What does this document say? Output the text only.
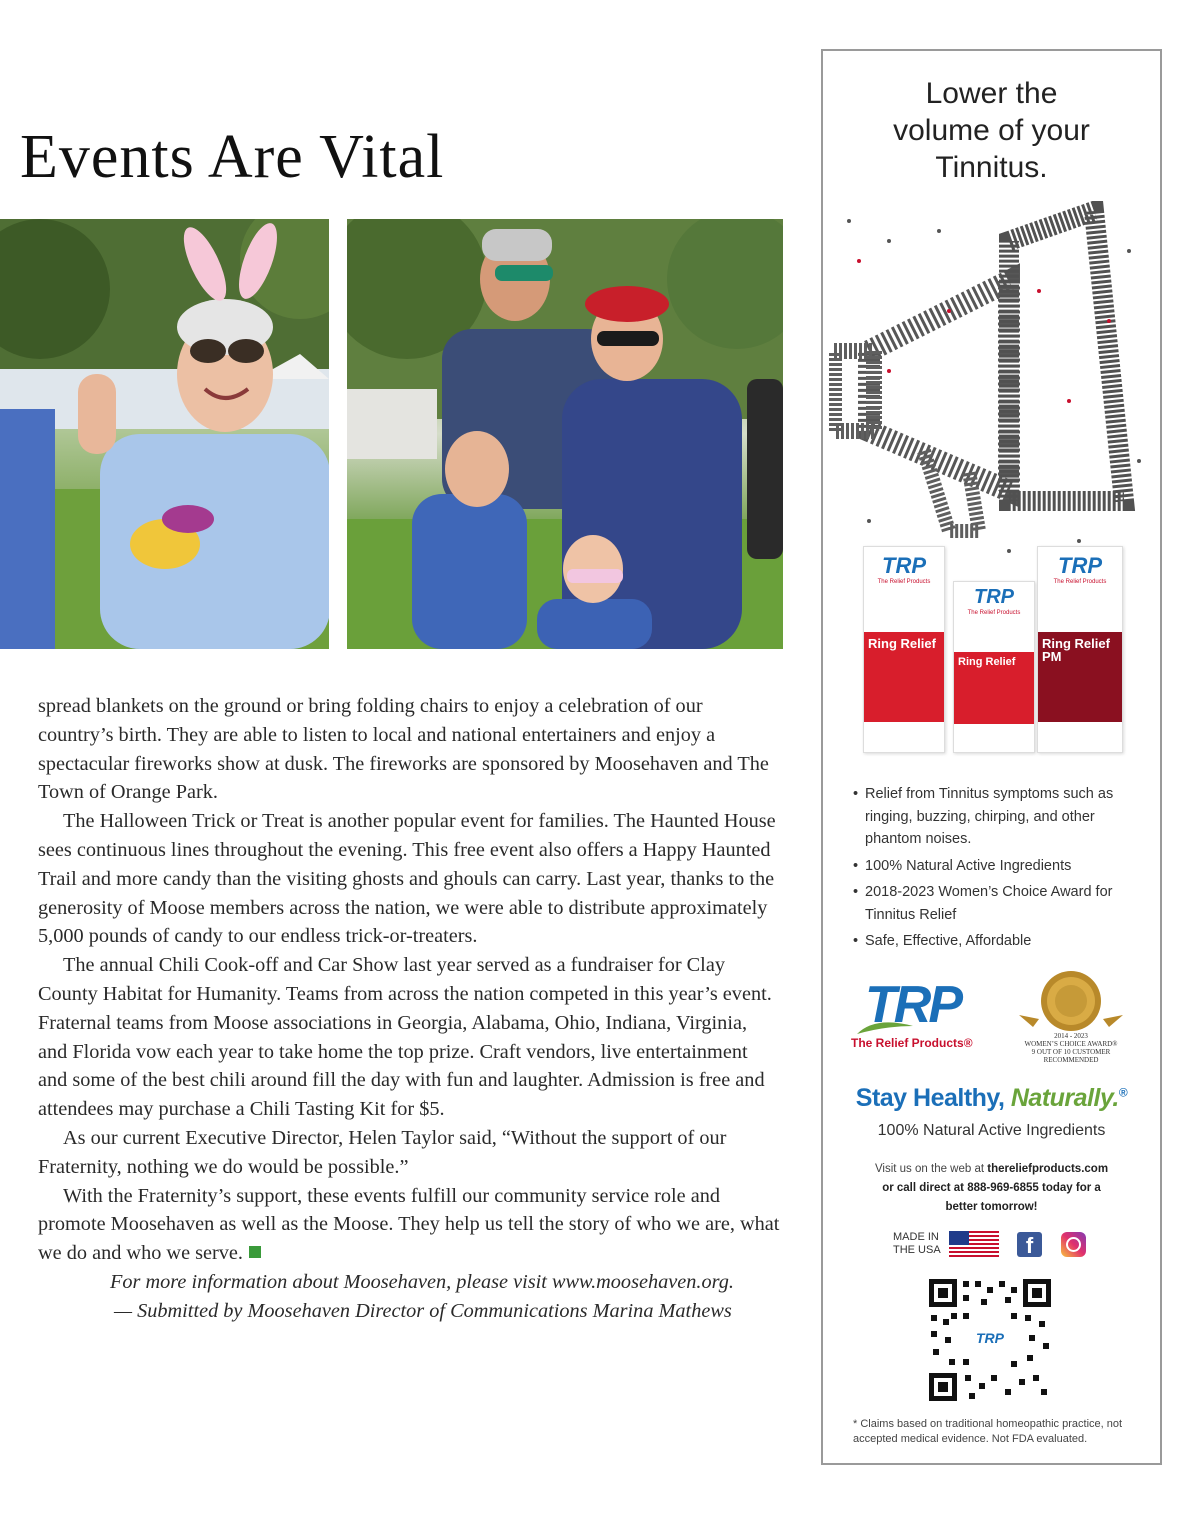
Events Are Vital

spread blankets on the ground or bring folding chairs to enjoy a celebration of our country’s birth. They are able to listen to local and national entertainers and enjoy a spectacular fireworks show at dusk. The fireworks are sponsored by Moosehaven and The Town of Orange Park.

The Halloween Trick or Treat is another popular event for families. The Haunted House sees continuous lines throughout the evening. This free event also offers a Happy Haunted Trail and more candy than the visiting ghosts and ghouls can carry. Last year, thanks to the generosity of Moose members across the nation, we were able to distribute approximately 5,000 pounds of candy to our endless trick-or-treaters.

The annual Chili Cook-off and Car Show last year served as a fundraiser for Clay County Habitat for Humanity. Teams from across the nation competed in this year’s event. Fraternal teams from Moose associations in Georgia, Alabama, Ohio, Indiana, Virginia, and Florida vow each year to take home the top prize. Craft vendors, live entertainment and some of the best chili around fill the day with fun and laughter. Admission is free and attendees may purchase a Chili Tasting Kit for $5.

As our current Executive Director, Helen Taylor said, “Without the support of our Fraternity, nothing we do would be possible.”

With the Fraternity’s support, these events fulfill our community service role and promote Moosehaven as well as the Moose. They help us tell the story of who we are, what we do and who we serve.

For more information about Moosehaven, please visit www.moosehaven.org.

— Submitted by Moosehaven Director of Communications Marina Mathews

Lower the
volume of your
Tinnitus.
TRP
The Relief Products
Ring Relief
TRP
The Relief Products
Ring Relief
TRP
The Relief Products
Ring Relief PM
• Relief from Tinnitus symptoms such as ringing, buzzing, chirping, and other phantom noises.
• 100% Natural Active Ingredients
• 2018-2023 Women’s Choice Award for Tinnitus Relief
• Safe, Effective, Affordable
TRP
The Relief Products®	2014 - 2023
WOMEN’S CHOICE AWARD®
9 OUT OF 10 CUSTOMER RECOMMENDED
Stay Healthy, Naturally.®
100% Natural Active Ingredients
Visit us on the web at thereliefproducts.com
or call direct at 888-969-6855 today for a
better tomorrow!
MADE IN
THE USA	f
TRP
* Claims based on traditional homeopathic practice, not accepted medical evidence. Not FDA evaluated.
